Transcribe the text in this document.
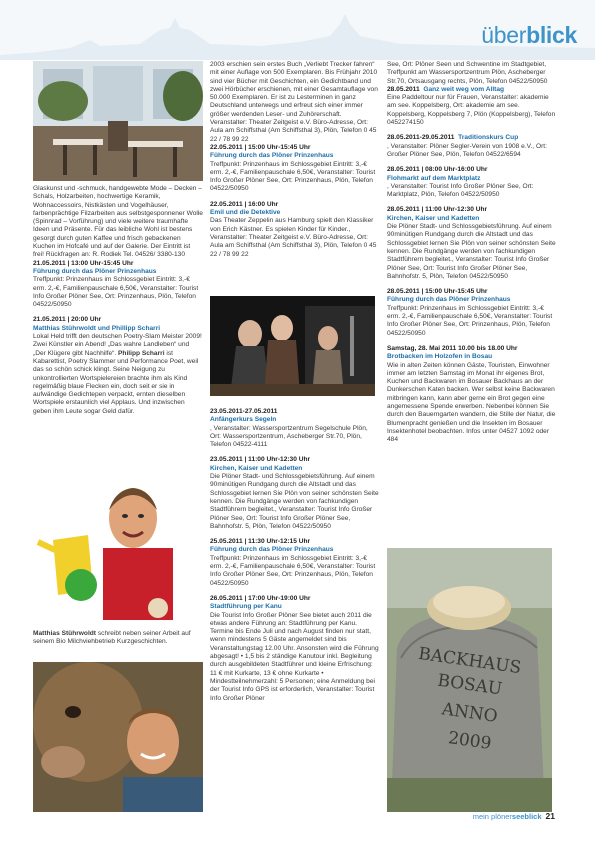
überblick

Glaskunst und -schmuck, handgewebte Mode – Decken – Schals, Holzarbeiten, hochwertige Keramik, Wohnaccessoirs, Nistkästen und Vogelhäuser, farbenprächtige Filzarbeiten aus selbstgesponnener Wolle (Spinnrad – Vorführung) und viele weitere traumhafte Ideen und Präsente. Für das leibliche Wohl ist bestens gesorgt durch guten Kaffee und frisch gebackenen Kuchen im Hofcafé und auf der Galerie. Der Eintritt ist frei! Rückfragen an: R. Rodiek Tel. 04526/ 3380-130

21.05.2011 | 13:00 Uhr-15:45 Uhr
Führung durch das Plöner Prinzenhaus

Treffpunkt: Prinzenhaus im Schlossgebiet Eintritt: 3,-€ erm. 2,-€, Familienpauschale 6,50€, Veranstalter: Tourist Info Großer Plöner See, Ort: Prinzenhaus, Plön, Telefon 04522/50950

21.05.2011 | 20:00 Uhr
Matthias Stührwoldt und Phillipp Scharri

Lokal Held trifft den deutschen Poetry-Slam Meister 2009! Zwei Künstler ein Abend! „Das wahre Landleben“ und „Der Klügere gibt Nachhilfe“. Philipp Scharri ist Kabarettist, Poetry Slammer und Performance Poet, weil das so schön schick klingt. Seine Neigung zu unkontrollierten Wortspielereien brachte ihm als Kind regelmäßig blaue Flecken ein, doch seit er sie in aufwändige Gedichtepen verpackt, ernten dieselben Wortspiele erstaunlich viel Applaus. Und inzwischen geben ihm Leute sogar Geld dafür.

Matthias Stührwoldt schreibt neben seiner Arbeit auf seinem Bio Milchviehbetrieb Kurzgeschichten.

2003 erschien sein erstes Buch „Verliebt Trecker fahren“ mit einer Auflage von 500 Exemplaren. Bis Frühjahr 2010 sind vier Bücher mit Geschichten, ein Gedichtband und zwei Hörbücher erschienen, mit einer Gesamtauflage von 50.000 Exemplaren. Er ist zu Lesterminen in ganz Deutschland unterwegs und erfreut sich einer immer größer werdenden Leser- und Zuhörerschaft. Veranstalter: Theater Zeitgeist e.V. Büro-Adresse, Ort: Aula am Schiffsthal (Am Schiffsthal 3), Plön, Telefon 0 45 22 / 78 99 22

22.05.2011 | 15:00 Uhr-15:45 Uhr
Führung durch das Plöner Prinzenhaus

Treffpunkt: Prinzenhaus im Schlossgebiet Eintritt: 3,-€ erm. 2,-€, Familienpauschale 6,50€, Veranstalter: Tourist Info Großer Plöner See, Ort: Prinzenhaus, Plön, Telefon 04522/50950

22.05.2011 | 16:00 Uhr
Emil und die Detektive

Das Theater Zeppelin aus Hamburg spielt den Klassiker von Erich Kästner. Es spielen Kinder für Kinder., Veranstalter: Theater Zeitgeist e.V. Büro-Adresse, Ort: Aula am Schiffsthal (Am Schiffsthal 3), Plön, Telefon 0 45 22 / 78 99 22

23.05.2011-27.05.2011
Anfängerkurs Segeln

, Veranstalter: Wassersportzentrum Segelschule Plön, Ort: Wassersportzentrum, Ascheberger Str.70, Plön, Telefon 04522-4111

23.05.2011 | 11:00 Uhr-12:30 Uhr
Kirchen, Kaiser und Kadetten

Die Plöner Stadt- und Schlossgebietsführung. Auf einem 90minütigen Rundgang durch die Altstadt und das Schlossgebiet lernen Sie Plön von seiner schönsten Seite kennen. Die Rundgänge werden von fachkundigen Stadtführern begleitet., Veranstalter: Tourist Info Großer Plöner See, Ort: Tourist Info Großer Plöner See, Bahnhofstr. 5, Plön, Telefon 04522/50950

25.05.2011 | 11:30 Uhr-12:15 Uhr
Führung durch das Plöner Prinzenhaus

Treffpunkt: Prinzenhaus im Schlossgebiet Eintritt: 3,-€ erm. 2,-€, Familienpauschale 6,50€, Veranstalter: Tourist Info Großer Plöner See, Ort: Prinzenhaus, Plön, Telefon 04522/50950

26.05.2011 | 17:00 Uhr-19:00 Uhr
Stadtführung per Kanu

Die Tourist Info Großer Plöner See bietet auch 2011 die etwas andere Führung an: Stadtführung per Kanu. Termine bis Ende Juli und nach August finden nur statt, wenn mindestens 5 Gäste angemeldet sind bis Veranstaltungstag 12.00 Uhr. Ansonsten wird die Führung abgesagt! • 1,5 bis 2 ständige Kanutour inkl. Begleitung durch ausgebildeten Stadtführer und kleine Erfrischung: 11 € mit Kurkarte, 13 € ohne Kurkarte • Mindestteilnehmerzahl: 5 Personen; eine Anmeldung bei der Tourist Info GPS ist erforderlich, Veranstalter: Tourist Info Großer Plöner

See, Ort: Plöner Seen und Schwentine im Stadtgebiet, Treffpunkt am Wassersportzentrum Plön, Ascheberger Str.70, Ortsausgang rechts, Plön, Telefon 04522/50950

28.05.2011 Ganz weit weg vom Alltag

Eine Paddeltour nur für Frauen, Veranstalter: akademie am see. Koppelsberg, Ort: akademie am see. Koppelsberg, Koppelsberg 7, Plön (Koppelsberg), Telefon 0452274150

28.05.2011-29.05.2011 Traditionskurs Cup

, Veranstalter: Plöner Segler-Verein von 1908 e.V., Ort: Großer Plöner See, Plön, Telefon 04522/6594

28.05.2011 | 08:00 Uhr-16:00 Uhr
Flohmarkt auf dem Marktplatz

, Veranstalter: Tourist Info Großer Plöner See, Ort: Marktplatz, Plön, Telefon 04522/50950

28.05.2011 | 11:00 Uhr-12:30 Uhr
Kirchen, Kaiser und Kadetten

Die Plöner Stadt- und Schlossgebietsführung. Auf einem 90minütigen Rundgang durch die Altstadt und das Schlossgebiet lernen Sie Plön von seiner schönsten Seite kennen. Die Rundgänge werden von fachkundigen Stadtführern begleitet., Veranstalter: Tourist Info Großer Plöner See, Ort: Tourist Info Großer Plöner See, Bahnhofstr. 5, Plön, Telefon 04522/50950

28.05.2011 | 15:00 Uhr-15:45 Uhr
Führung durch das Plöner Prinzenhaus

Treffpunkt: Prinzenhaus im Schlossgebiet Eintritt: 3,-€ erm. 2,-€, Familienpauschale 6,50€, Veranstalter: Tourist Info Großer Plöner See, Ort: Prinzenhaus, Plön, Telefon 04522/50950

Samstag, 28. Mai 2011 10.00 bis 18.00 Uhr
Brotbacken im Holzofen in Bosau

Wie in alten Zeiten können Gäste, Touristen, Einwohner immer am letzten Samstag im Monat ihr eigenes Brot, Kuchen und Backwaren im Bosauer Backhaus an der Dunkerschen Katen backen. Wer selbst keine Backwaren mitbringen kann, kann aber gerne ein Brot gegen eine angemessene Spende erwerben. Nebenbei können Sie durch den Bauerngarten wandern, die Stille der Natur, die Blumenpracht genießen und die Insekten im Bosauer Insektenhotel beobachten. Infos unter 04527 1092 oder 484

BACKHAUS
BOSAU
ANNO
2009
mein plönerseeblick 21
